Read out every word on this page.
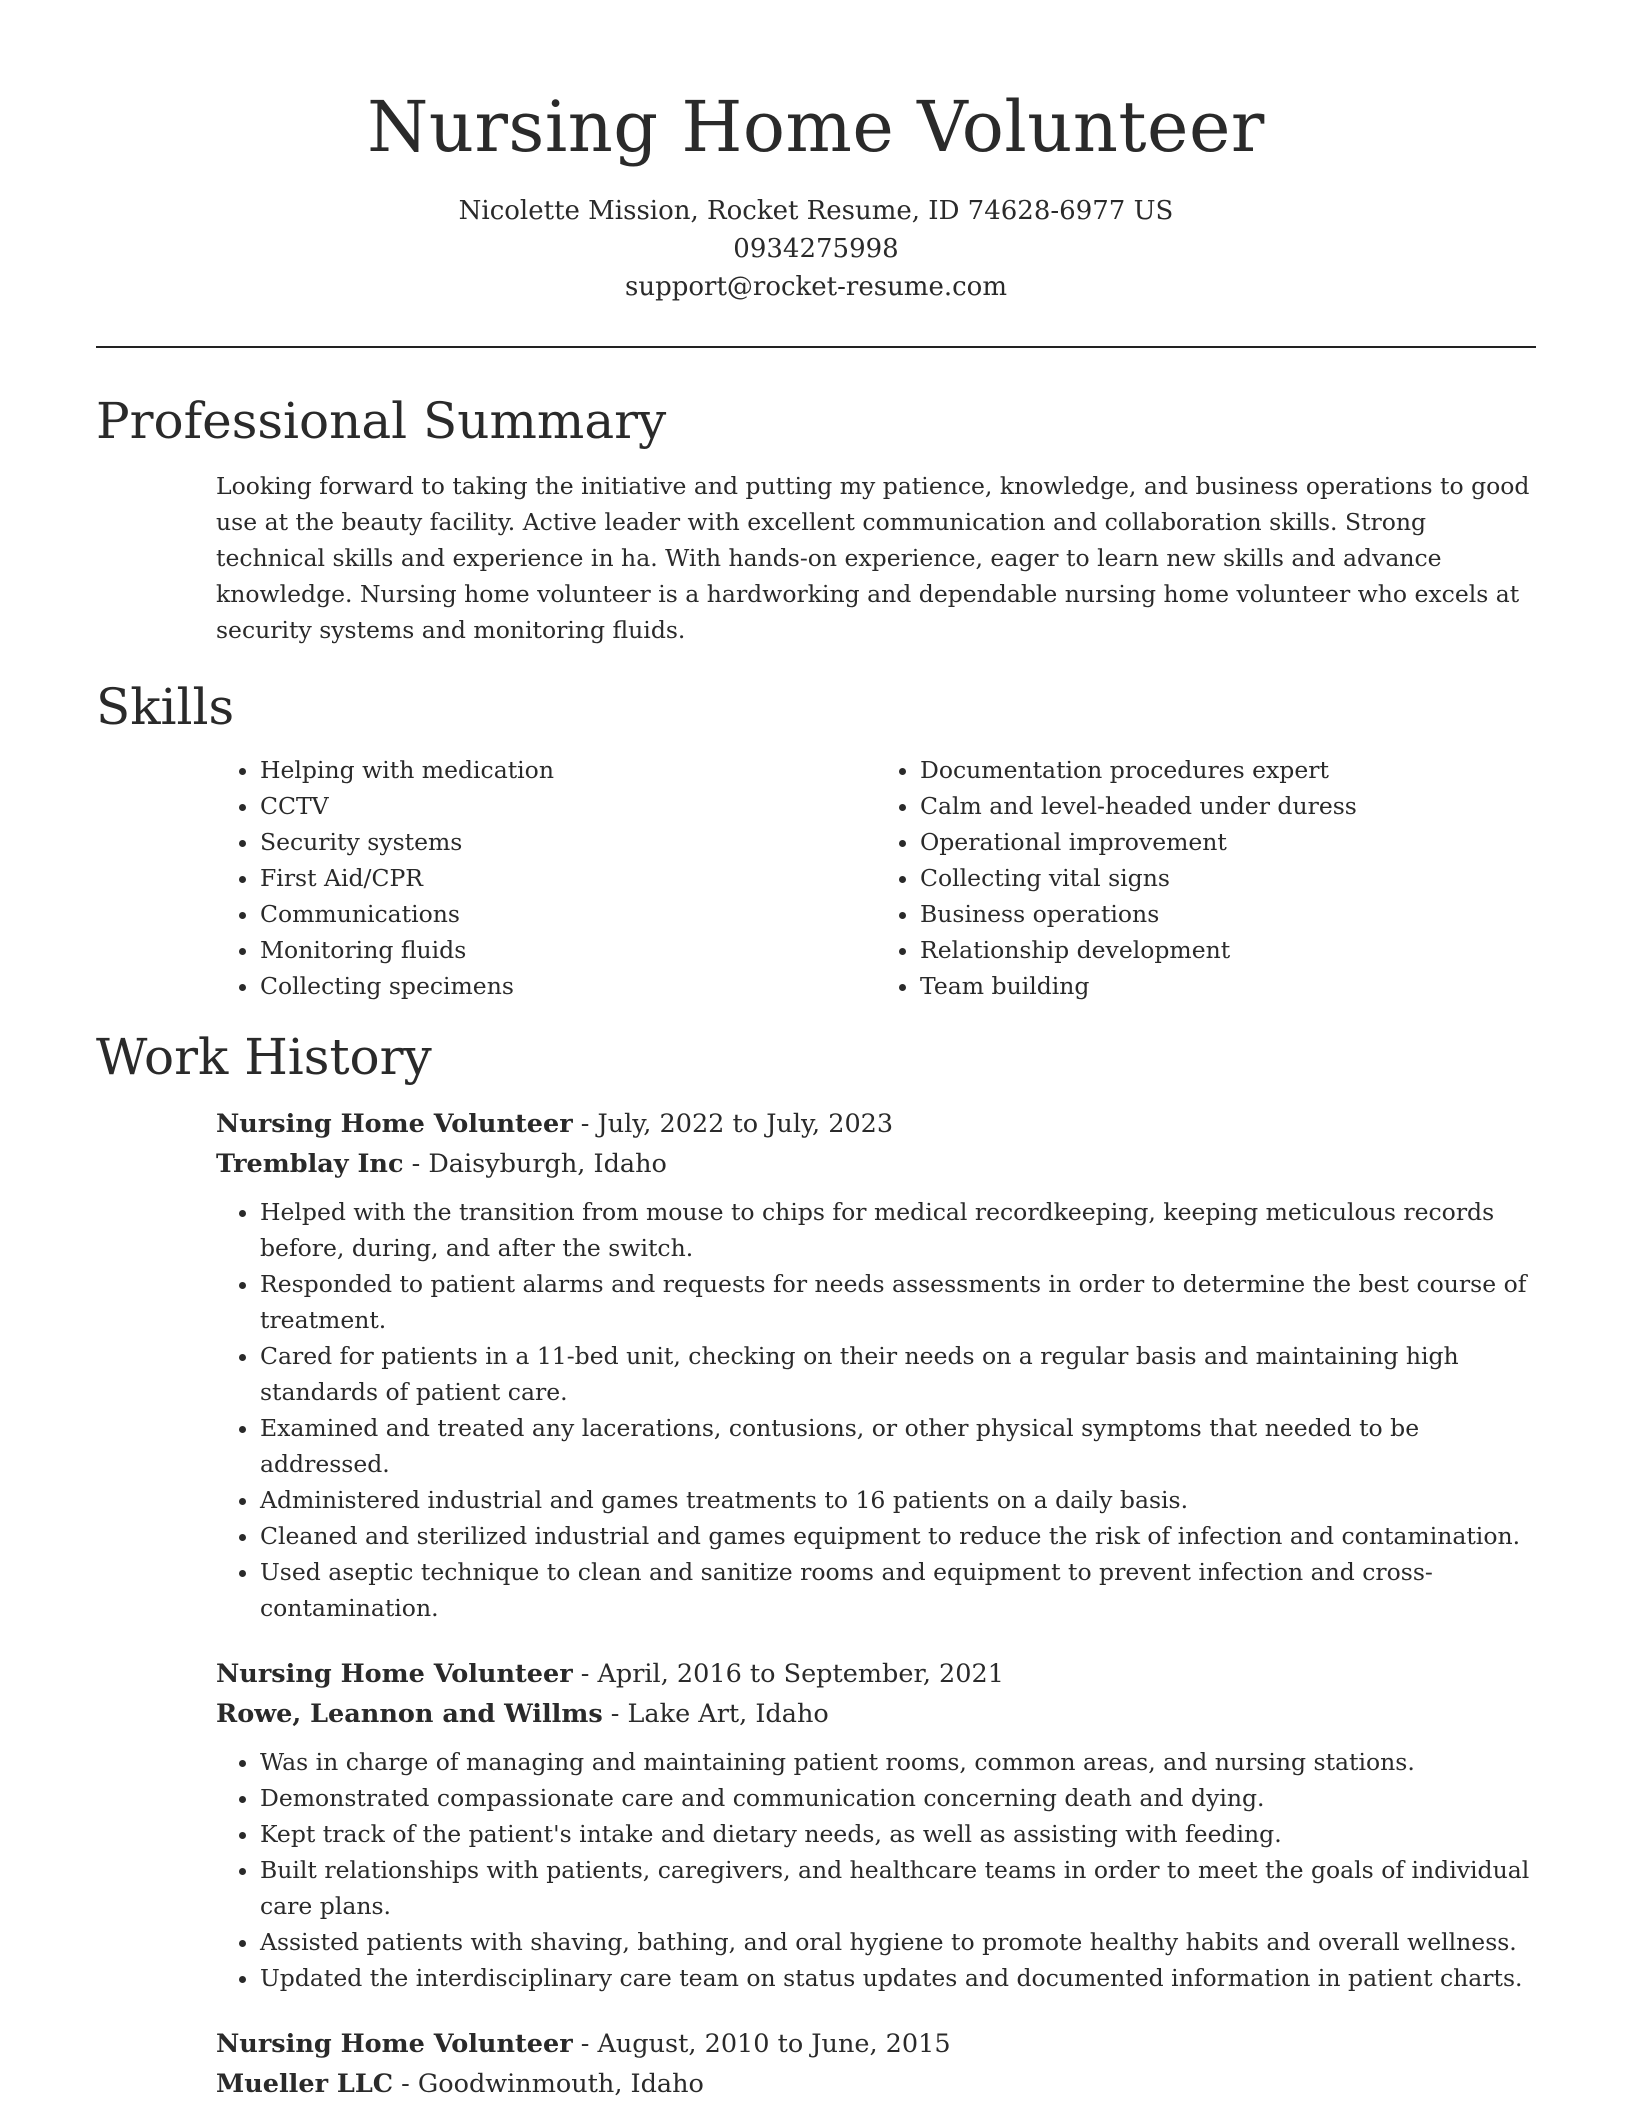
Nursing Home Volunteer
Nicolette Mission, Rocket Resume, ID 74628-6977 US
0934275998
support@rocket-resume.com
Professional Summary

Looking forward to taking the initiative and putting my patience, knowledge, and business operations to good use at the beauty facility. Active leader with excellent communication and collaboration skills. Strong technical skills and experience in ha. With hands-on experience, eager to learn new skills and advance knowledge. Nursing home volunteer is a hardworking and dependable nursing home volunteer who excels at security systems and monitoring fluids.

Skills
• Helping with medication
• CCTV
• Security systems
• First Aid/CPR
• Communications
• Monitoring fluids
• Collecting specimens
• Documentation procedures expert
• Calm and level-headed under duress
• Operational improvement
• Collecting vital signs
• Business operations
• Relationship development
• Team building
Work History
Nursing Home Volunteer - July, 2022 to July, 2023
Tremblay Inc - Daisyburgh, Idaho
• Helped with the transition from mouse to chips for medical recordkeeping, keeping meticulous records before, during, and after the switch.
• Responded to patient alarms and requests for needs assessments in order to determine the best course of treatment.
• Cared for patients in a 11-bed unit, checking on their needs on a regular basis and maintaining high standards of patient care.
• Examined and treated any lacerations, contusions, or other physical symptoms that needed to be addressed.
• Administered industrial and games treatments to 16 patients on a daily basis.
• Cleaned and sterilized industrial and games equipment to reduce the risk of infection and contamination.
• Used aseptic technique to clean and sanitize rooms and equipment to prevent infection and cross-contamination.
Nursing Home Volunteer - April, 2016 to September, 2021
Rowe, Leannon and Willms - Lake Art, Idaho
• Was in charge of managing and maintaining patient rooms, common areas, and nursing stations.
• Demonstrated compassionate care and communication concerning death and dying.
• Kept track of the patient's intake and dietary needs, as well as assisting with feeding.
• Built relationships with patients, caregivers, and healthcare teams in order to meet the goals of individual care plans.
• Assisted patients with shaving, bathing, and oral hygiene to promote healthy habits and overall wellness.
• Updated the interdisciplinary care team on status updates and documented information in patient charts.
Nursing Home Volunteer - August, 2010 to June, 2015
Mueller LLC - Goodwinmouth, Idaho
